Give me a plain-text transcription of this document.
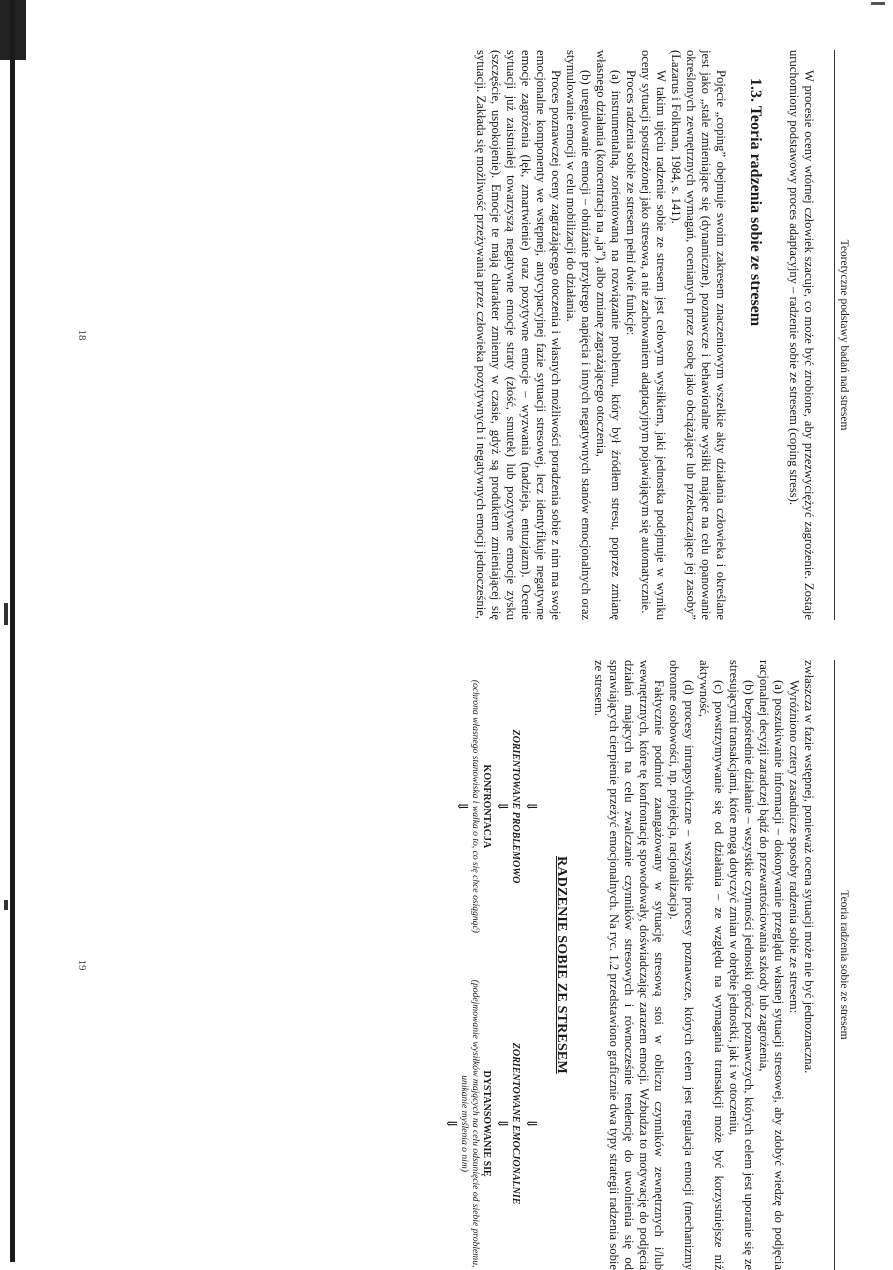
Teoretyczne podstawy badań nad stresem

W procesie oceny wtórnej człowiek szacuje, co może być zrobione, aby przezwyciężyć zagrożenie. Zostaje uruchomiony podstawowy proces adaptacyjny – radzenie sobie ze stresem (coping stress).

1.3. Teoria radzenia sobie ze stresem

Pojęcie „coping” obejmuje swoim zakresem znaczeniowym wszelkie akty działania człowieka i określane jest jako „stale zmieniające się (dynamiczne), poznawcze i behawioralne wysiłki mające na celu opanowanie określonych zewnętrznych wymagań, ocenianych przez osobę jako obciążające lub przekraczające jej zasoby” (Lazarus i Folkman, 1984, s. 141).

W takim ujęciu radzenie sobie ze stresem jest celowym wysiłkiem, jaki jednostka podejmuje w wyniku oceny sytuacji spostrzeżonej jako stresowa, a nie zachowaniem adaptacyjnym pojawiającym się automatycznie.

Proces radzenia sobie ze stresem pełni dwie funkcje:

(a) instrumentalną, zorientowaną na rozwiązanie problemu, który był źródłem stresu, poprzez zmianę własnego działania (koncentracja na „ja”), albo zmianę zagrażającego otoczenia,

(b) uregulowanie emocji – obniżanie przykrego napięcia i innych negatywnych stanów emocjonalnych oraz stymulowanie emocji w celu mobilizacji do działania.

Proces poznawczej oceny zagrażającego otoczenia i własnych możliwości poradzenia sobie z nim ma swoje emocjonalne komponenty we wstępnej, antycypacyjnej fazie sytuacji stresowej, lecz identyfikuje negatywne emocje zagrożenia (lęk, zmartwienie) oraz pozytywne emocje – wyzwania (nadzieja, entuzjazm). Ocenie sytuacji już zaistniałej towarzyszą negatywne emocje straty (złość, smutek) lub pozytywne emocje zysku (szczęście, uspokojenie). Emocje te mają charakter zmienny w czasie, gdyż są produktem zmieniającej się sytuacji. Zakłada się możliwość przeżywania przez człowieka pozytywnych i negatywnych emocji jednocześnie,

18
Teoria radzenia sobie ze stresem

zwłaszcza w fazie wstępnej, ponieważ ocena sytuacji może nie być jednoznaczna.

Wyróżniono cztery zasadnicze sposoby radzenia sobie ze stresem:

(a) poszukiwanie informacji – dokonywanie przeglądu własnej sytuacji stresowej, aby zdobyć wiedzę do podjęcia racjonalnej decyzji zaradczej bądź do przewartościowania szkody lub zagrożenia,

(b) bezpośrednie działanie – wszystkie czynności jednostki oprócz poznawczych, których celem jest uporanie się ze stresującymi transakcjami, które mogą dotyczyć zmian w obrębie jednostki, jak i w otoczeniu,

(c) powstrzymywanie się od działania – ze względu na wymagania transakcji może być korzystniejsze niż aktywność,

(d) procesy intrapsychiczne – wszystkie procesy poznawcze, których celem jest regulacja emocji (mechanizmy obronne osobowości, np. projekcja, racjonalizacja).

Faktycznie podmiot zaangażowany w sytuację stresową stoi w obliczu czynników zewnętrznych i/lub wewnętrznych, które tę konfrontację spowodowały, doświadczając zarazem emocji. Wzbudza to motywację do podjęcia działań mających na celu zwalczanie czynników stresowych i równocześnie tendencję do uwolnienia się od sprawiających cierpienie przeżyć emocjonalnych. Na ryc. 1.2 przedstawiono graficznie dwa typy strategii radzenia sobie ze stresem.

RADZENIE SOBIE ZE STRESEM
⇓
ZORIENTOWANE PROBLEMOWO
⇓
KONFRONTACJA
(ochrona własnego stanowiska i walka o to, co się chce osiągnąć)
⇓
⇓
ZORIENTOWANE EMOCJONALNIE
⇓
DYSTANSOWANIE SIĘ
(podejmowanie wysiłków mających na celu odsunięcie od siebie problemu, unikanie myślenia o nim)
⇓
19
